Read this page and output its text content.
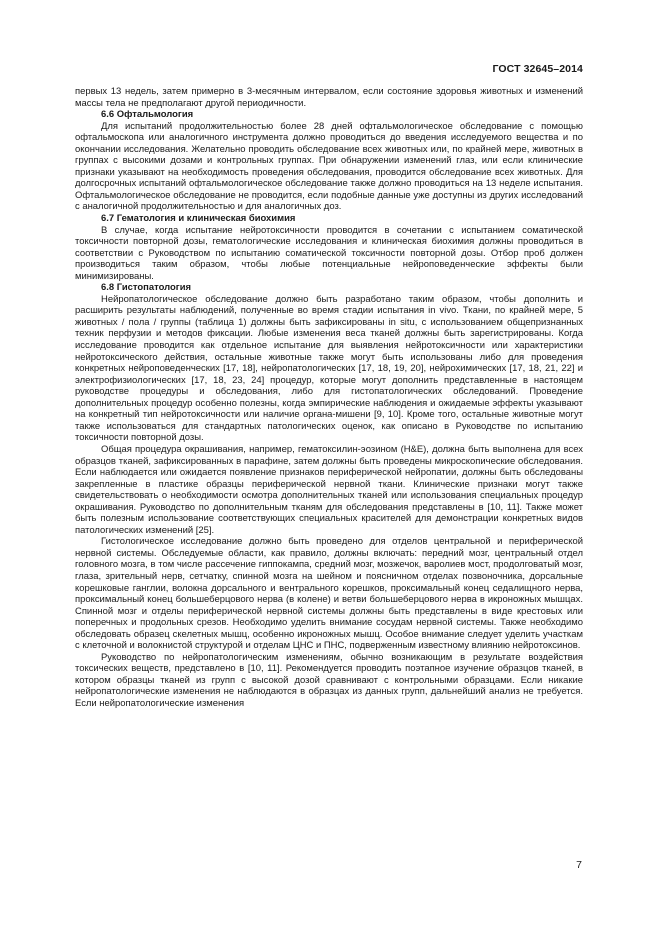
ГОСТ 32645–2014

первых 13 недель, затем примерно в 3-месячным интервалом, если состояние здоровья животных и изменений массы тела не предполагают другой периодичности.

6.6 Офтальмология

Для испытаний продолжительностью более 28 дней офтальмологическое обследование с помощью офтальмоскопа или аналогичного инструмента должно проводиться до введения исследуемого вещества и по окончании исследования. Желательно проводить обследование всех животных или, по крайней мере, животных в группах с высокими дозами и контрольных группах. При обнаружении изменений глаз, или если клинические признаки указывают на необходимость проведения обследования, проводится обследование всех животных. Для долгосрочных испытаний офтальмологическое обследование также должно проводиться на 13 неделе испытания. Офтальмологическое обследование не проводится, если подобные данные уже доступны из других исследований с аналогичной продолжительностью и для аналогичных доз.

6.7 Гематология и клиническая биохимия

В случае, когда испытание нейротоксичности проводится в сочетании с испытанием соматической токсичности повторной дозы, гематологические исследования и клиническая биохимия должны проводиться в соответствии с Руководством по испытанию соматической токсичности повторной дозы. Отбор проб должен производиться таким образом, чтобы любые потенциальные нейроповеденческие эффекты были минимизированы.

6.8 Гистопатология

Нейропатологическое обследование должно быть разработано таким образом, чтобы дополнить и расширить результаты наблюдений, полученные во время стадии испытания in vivo. Ткани, по крайней мере, 5 животных / пола / группы (таблица 1) должны быть зафиксированы in situ, с использованием общепризнанных техник перфузии и методов фиксации. Любые изменения веса тканей должны быть зарегистрированы. Когда исследование проводится как отдельное испытание для выявления нейротоксичности или характеристики нейротоксического действия, остальные животные также могут быть использованы либо для проведения конкретных нейроповеденческих [17, 18], нейропатологических [17, 18, 19, 20], нейрохимических [17, 18, 21, 22] и электрофизиологических [17, 18, 23, 24] процедур, которые могут дополнить представленные в настоящем руководстве процедуры и обследования, либо для гистопатологических обследований. Проведение дополнительных процедур особенно полезны, когда эмпирические наблюдения и ожидаемые эффекты указывают на конкретный тип нейротоксичности или наличие органа-мишени [9, 10]. Кроме того, остальные животные могут также использоваться для стандартных патологических оценок, как описано в Руководстве по испытанию токсичности повторной дозы.

Общая процедура окрашивания, например, гематоксилин-эозином (H&E), должна быть выполнена для всех образцов тканей, зафиксированных в парафине, затем должны быть проведены микроскопические обследования. Если наблюдается или ожидается появление признаков периферической нейропатии, должны быть обследованы закрепленные в пластике образцы периферической нервной ткани. Клинические признаки могут также свидетельствовать о необходимости осмотра дополнительных тканей или использования специальных процедур окрашивания. Руководство по дополнительным тканям для обследования представлены в [10, 11]. Также может быть полезным использование соответствующих специальных красителей для демонстрации конкретных видов патологических изменений [25].

Гистологическое исследование должно быть проведено для отделов центральной и периферической нервной системы. Обследуемые области, как правило, должны включать: передний мозг, центральный отдел головного мозга, в том числе рассечение гиппокампа, средний мозг, мозжечок, варолиев мост, продолговатый мозг, глаза, зрительный нерв, сетчатку, спинной мозга на шейном и поясничном отделах позвоночника, дорсальные корешковые ганглии, волокна дорсального и вентрального корешков, проксимальный конец седалищного нерва, проксимальный конец большеберцового нерва (в колене) и ветви большеберцового нерва в икроножных мышцах. Спинной мозг и отделы периферической нервной системы должны быть представлены в виде крестовых или поперечных и продольных срезов. Необходимо уделить внимание сосудам нервной системы. Также необходимо обследовать образец скелетных мышц, особенно икроножных мышц. Особое внимание следует уделить участкам с клеточной и волокнистой структурой и отделам ЦНС и ПНС, подверженным известному влиянию нейротоксинов.

Руководство по нейропатологическим изменениям, обычно возникающим в результате воздействия токсических веществ, представлено в [10, 11]. Рекомендуется проводить поэтапное изучение образцов тканей, в котором образцы тканей из групп с высокой дозой сравнивают с контрольными образцами. Если никакие нейропатологические изменения не наблюдаются в образцах из данных групп, дальнейший анализ не требуется. Если нейропатологические изменения

7
